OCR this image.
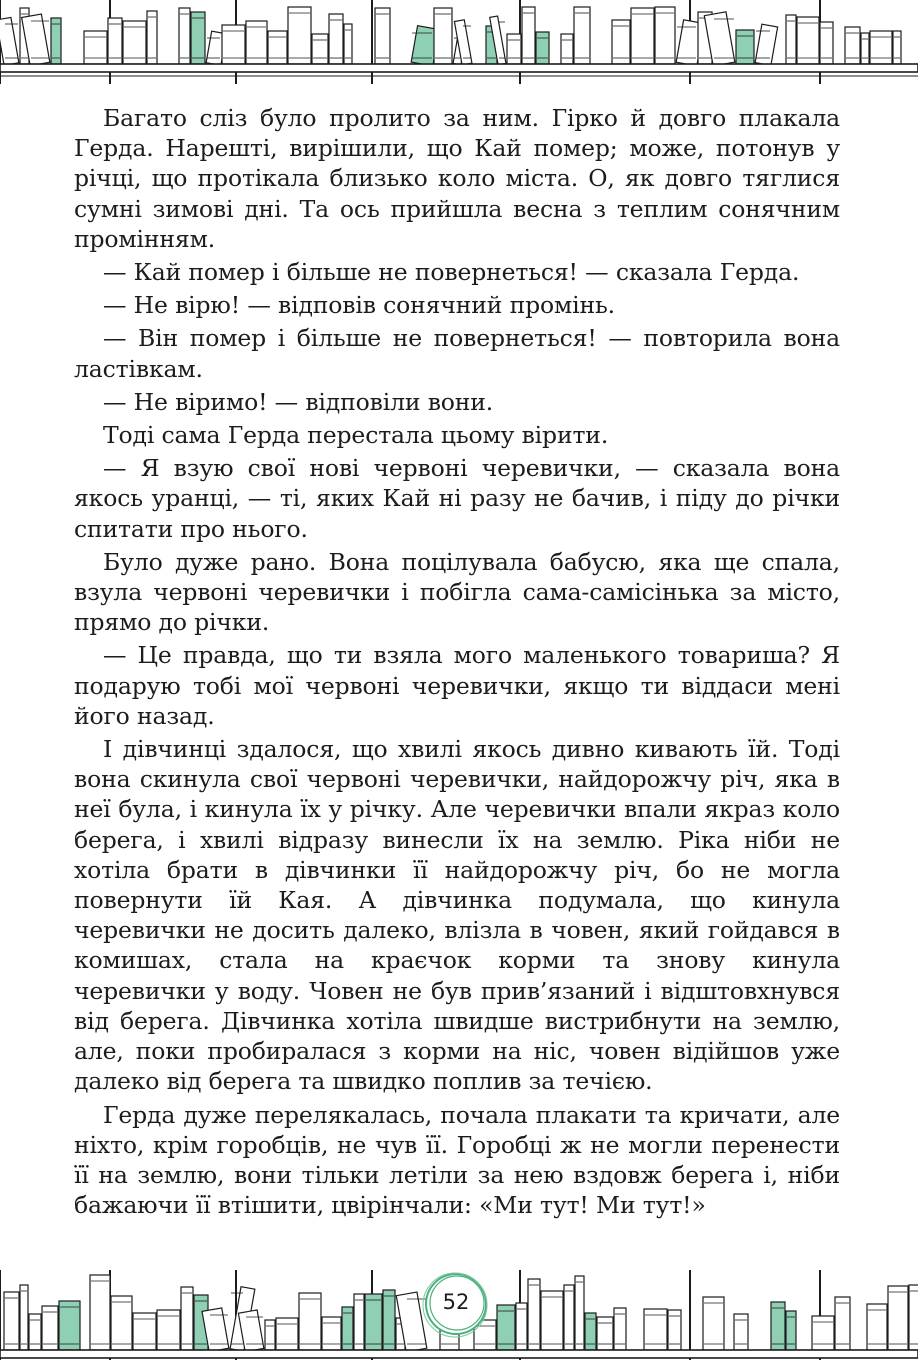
Багато сліз було пролито за ним. Гірко й довго плакала Герда. Нарешті, вирішили, що Кай помер; може, потонув у річці, що протікала близько коло міста. О, як довго тяглися сумні зимові дні. Та ось прийшла весна з теплим сонячним промінням.

— Кай помер і більше не повернеться! — сказала Герда.

— Не вірю! — відповів сонячний промінь.

— Він помер і більше не повернеться! — повторила вона ластівкам.

— Не віримо! — відповіли вони.

Тоді сама Герда перестала цьому вірити.

— Я взую свої нові червоні черевички, — сказала вона якось уранці, — ті, яких Кай ні разу не бачив, і піду до річки спитати про нього.

Було дуже рано. Вона поцілувала бабусю, яка ще спала, взула червоні черевички і побігла сама-самісінька за місто, прямо до річки.

— Це правда, що ти взяла мого маленького товариша? Я подарую тобі мої червоні черевички, якщо ти віддаси мені його назад.

І дівчинці здалося, що хвилі якось дивно кивають їй. Тоді вона скинула свої червоні черевички, найдорожчу річ, яка в неї була, і кинула їх у річку. Але черевички впали якраз коло берега, і хвилі відразу винесли їх на землю. Ріка ніби не хотіла брати в дівчинки її найдорожчу річ, бо не могла повернути їй Кая. А дівчинка подумала, що кинула черевички не досить далеко, влізла в човен, який гойдався в комишах, стала на краєчок корми та знову кинула черевички у воду. Човен не був прив’язаний і відштовхнувся від берега. Дівчинка хотіла швидше вистрибнути на землю, але, поки пробиралася з корми на ніс, човен відійшов уже далеко від берега та швидко поплив за течією.

Герда дуже перелякалась, почала плакати та кричати, але ніхто, крім горобців, не чув її. Горобці ж не могли перенести її на землю, вони тільки летіли за нею вздовж берега і, ніби бажаючи її втішити, цвірінчали: «Ми тут! Ми тут!»

52
